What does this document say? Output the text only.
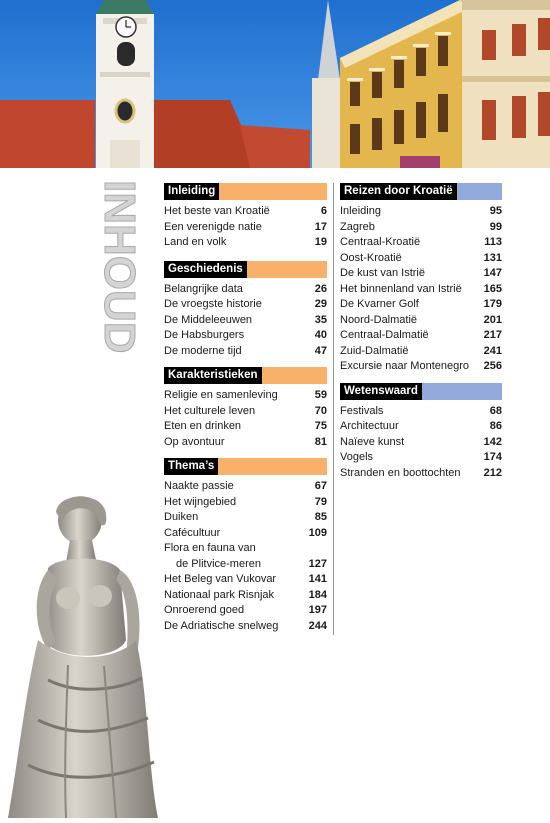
INHOUD	Inleiding
Het beste van Kroatië	6
Een verenigde natie	17
Land en volk	19
Geschiedenis
Belangrijke data	26
De vroegste historie	29
De Middeleeuwen	35
De Habsburgers	40
De moderne tijd	47
Karakteristieken
Religie en samenleving	59
Het culturele leven	70
Eten en drinken	75
Op avontuur	81
Thema’s
Naakte passie	67
Het wijngebied	79
Duiken	85
Cafécultuur	109
Flora en fauna van
de Plitvice-meren	127
Het Beleg van Vukovar	141
Nationaal park Risnjak	184
Onroerend goed	197
De Adriatische snelweg	244
Reizen door Kroatië
Inleiding	95
Zagreb	99
Centraal-Kroatië	113
Oost-Kroatië	131
De kust van Istrië	147
Het binnenland van Istrië 165
De Kvarner Golf	179
Noord-Dalmatië	201
Centraal-Dalmatië	217
Zuid-Dalmatië	241
Excursie naar Montenegro 256
Wetenswaard
Festivals	68
Architectuur	86
Naïeve kunst	142
Vogels	174
Stranden en boottochten 212
